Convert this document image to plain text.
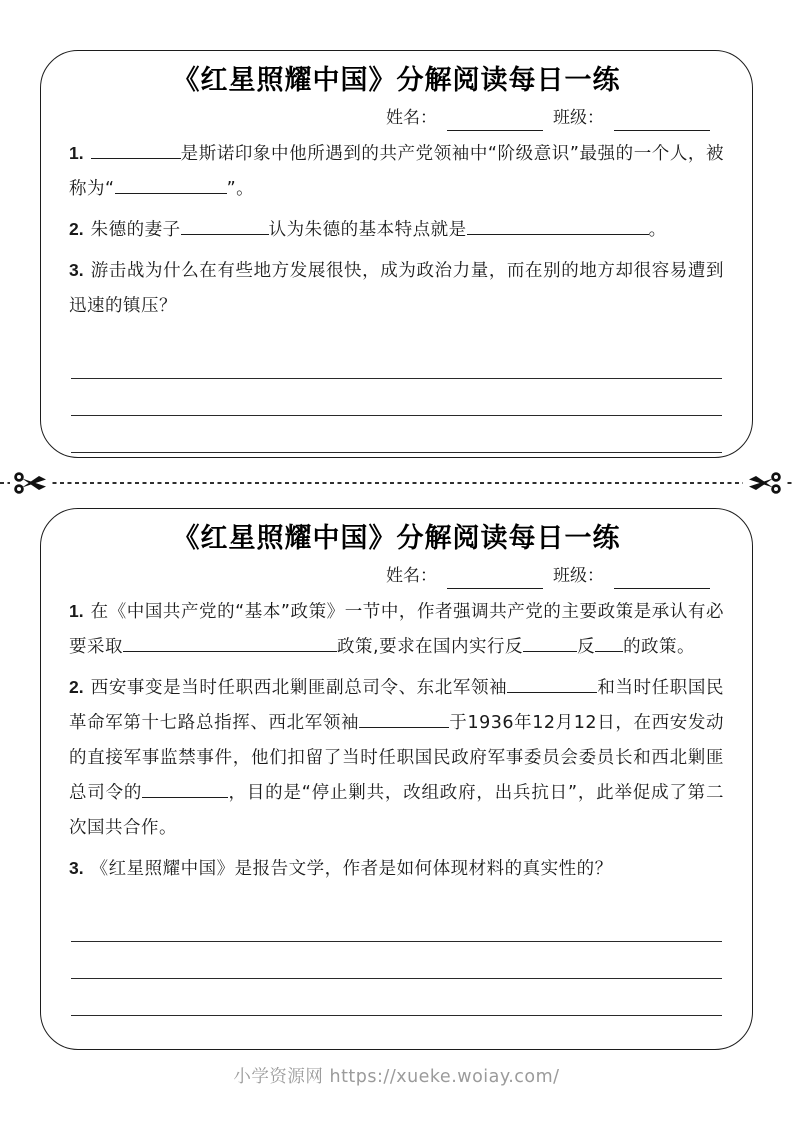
《红星照耀中国》分解阅读每日一练
姓名：	班级：

1.	是斯诺印象中他所遇到的共产党领袖中“阶级意识”最强的一个人，被称为“	”。

2. 朱德的妻子	认为朱德的基本特点就是	。

3. 游击战为什么在有些地方发展很快，成为政治力量，而在别的地方却很容易遭到迅速的镇压？

《红星照耀中国》分解阅读每日一练
姓名：	班级：

1. 在《中国共产党的“基本”政策》一节中，作者强调共产党的主要政策是承认有必要采取	政策,要求在国内实行反	反 的政策。

2. 西安事变是当时任职西北剿匪副总司令、东北军领袖	和当时任职国民革命军第十七路总指挥、西北军领袖	于1936年12月12日，在西安发动的直接军事监禁事件，他们扣留了当时任职国民政府军事委员会委员长和西北剿匪总司令的	，目的是“停止剿共，改组政府，出兵抗日”，此举促成了第二次国共合作。

3. 《红星照耀中国》是报告文学，作者是如何体现材料的真实性的？

小学资源网 https://xueke.woiay.com/
